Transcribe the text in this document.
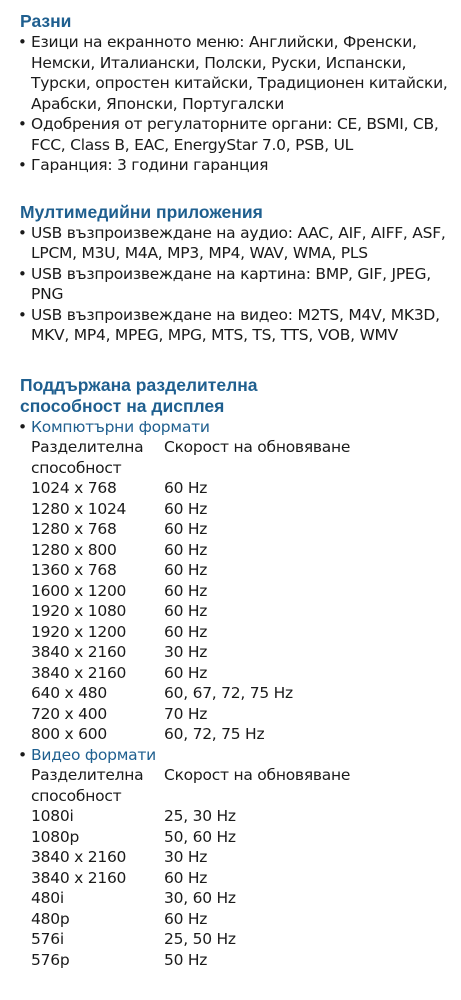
Разни
• Езици на екранното меню: Английски, Френски, Немски, Италиански, Полски, Руски, Испански, Турски, опростен китайски, Традиционен китайски, Арабски, Японски, Португалски
• Одобрения от регулаторните органи: CE, BSMI, CB, FCC, Class B, EAC, EnergyStar 7.0, PSB, UL
• Гаранция: 3 години гаранция
Мултимедийни приложения
• USB възпроизвеждане на аудио: AAC, AIF, AIFF, ASF, LPCM, M3U, M4A, MP3, MP4, WAV, WMA, PLS
• USB възпроизвеждане на картина: BMP, GIF, JPEG, PNG
• USB възпроизвеждане на видео: M2TS, M4V, MK3D, MKV, MP4, MPEG, MPG, MTS, TS, TTS, VOB, WMV
Поддържана разделителна
способност на дисплея
• Компютърни формати
Разделителна способност	Скорост на обновяване
1024 x 768	60 Hz
1280 x 1024	60 Hz
1280 x 768	60 Hz
1280 x 800	60 Hz
1360 x 768	60 Hz
1600 x 1200	60 Hz
1920 x 1080	60 Hz
1920 x 1200	60 Hz
3840 x 2160	30 Hz
3840 x 2160	60 Hz
640 x 480	60, 67, 72, 75 Hz
720 x 400	70 Hz
800 x 600	60, 72, 75 Hz
• Видео формати
Разделителна способност	Скорост на обновяване
1080i	25, 30 Hz
1080p	50, 60 Hz
3840 x 2160	30 Hz
3840 x 2160	60 Hz
480i	30, 60 Hz
480p	60 Hz
576i	25, 50 Hz
576p	50 Hz
